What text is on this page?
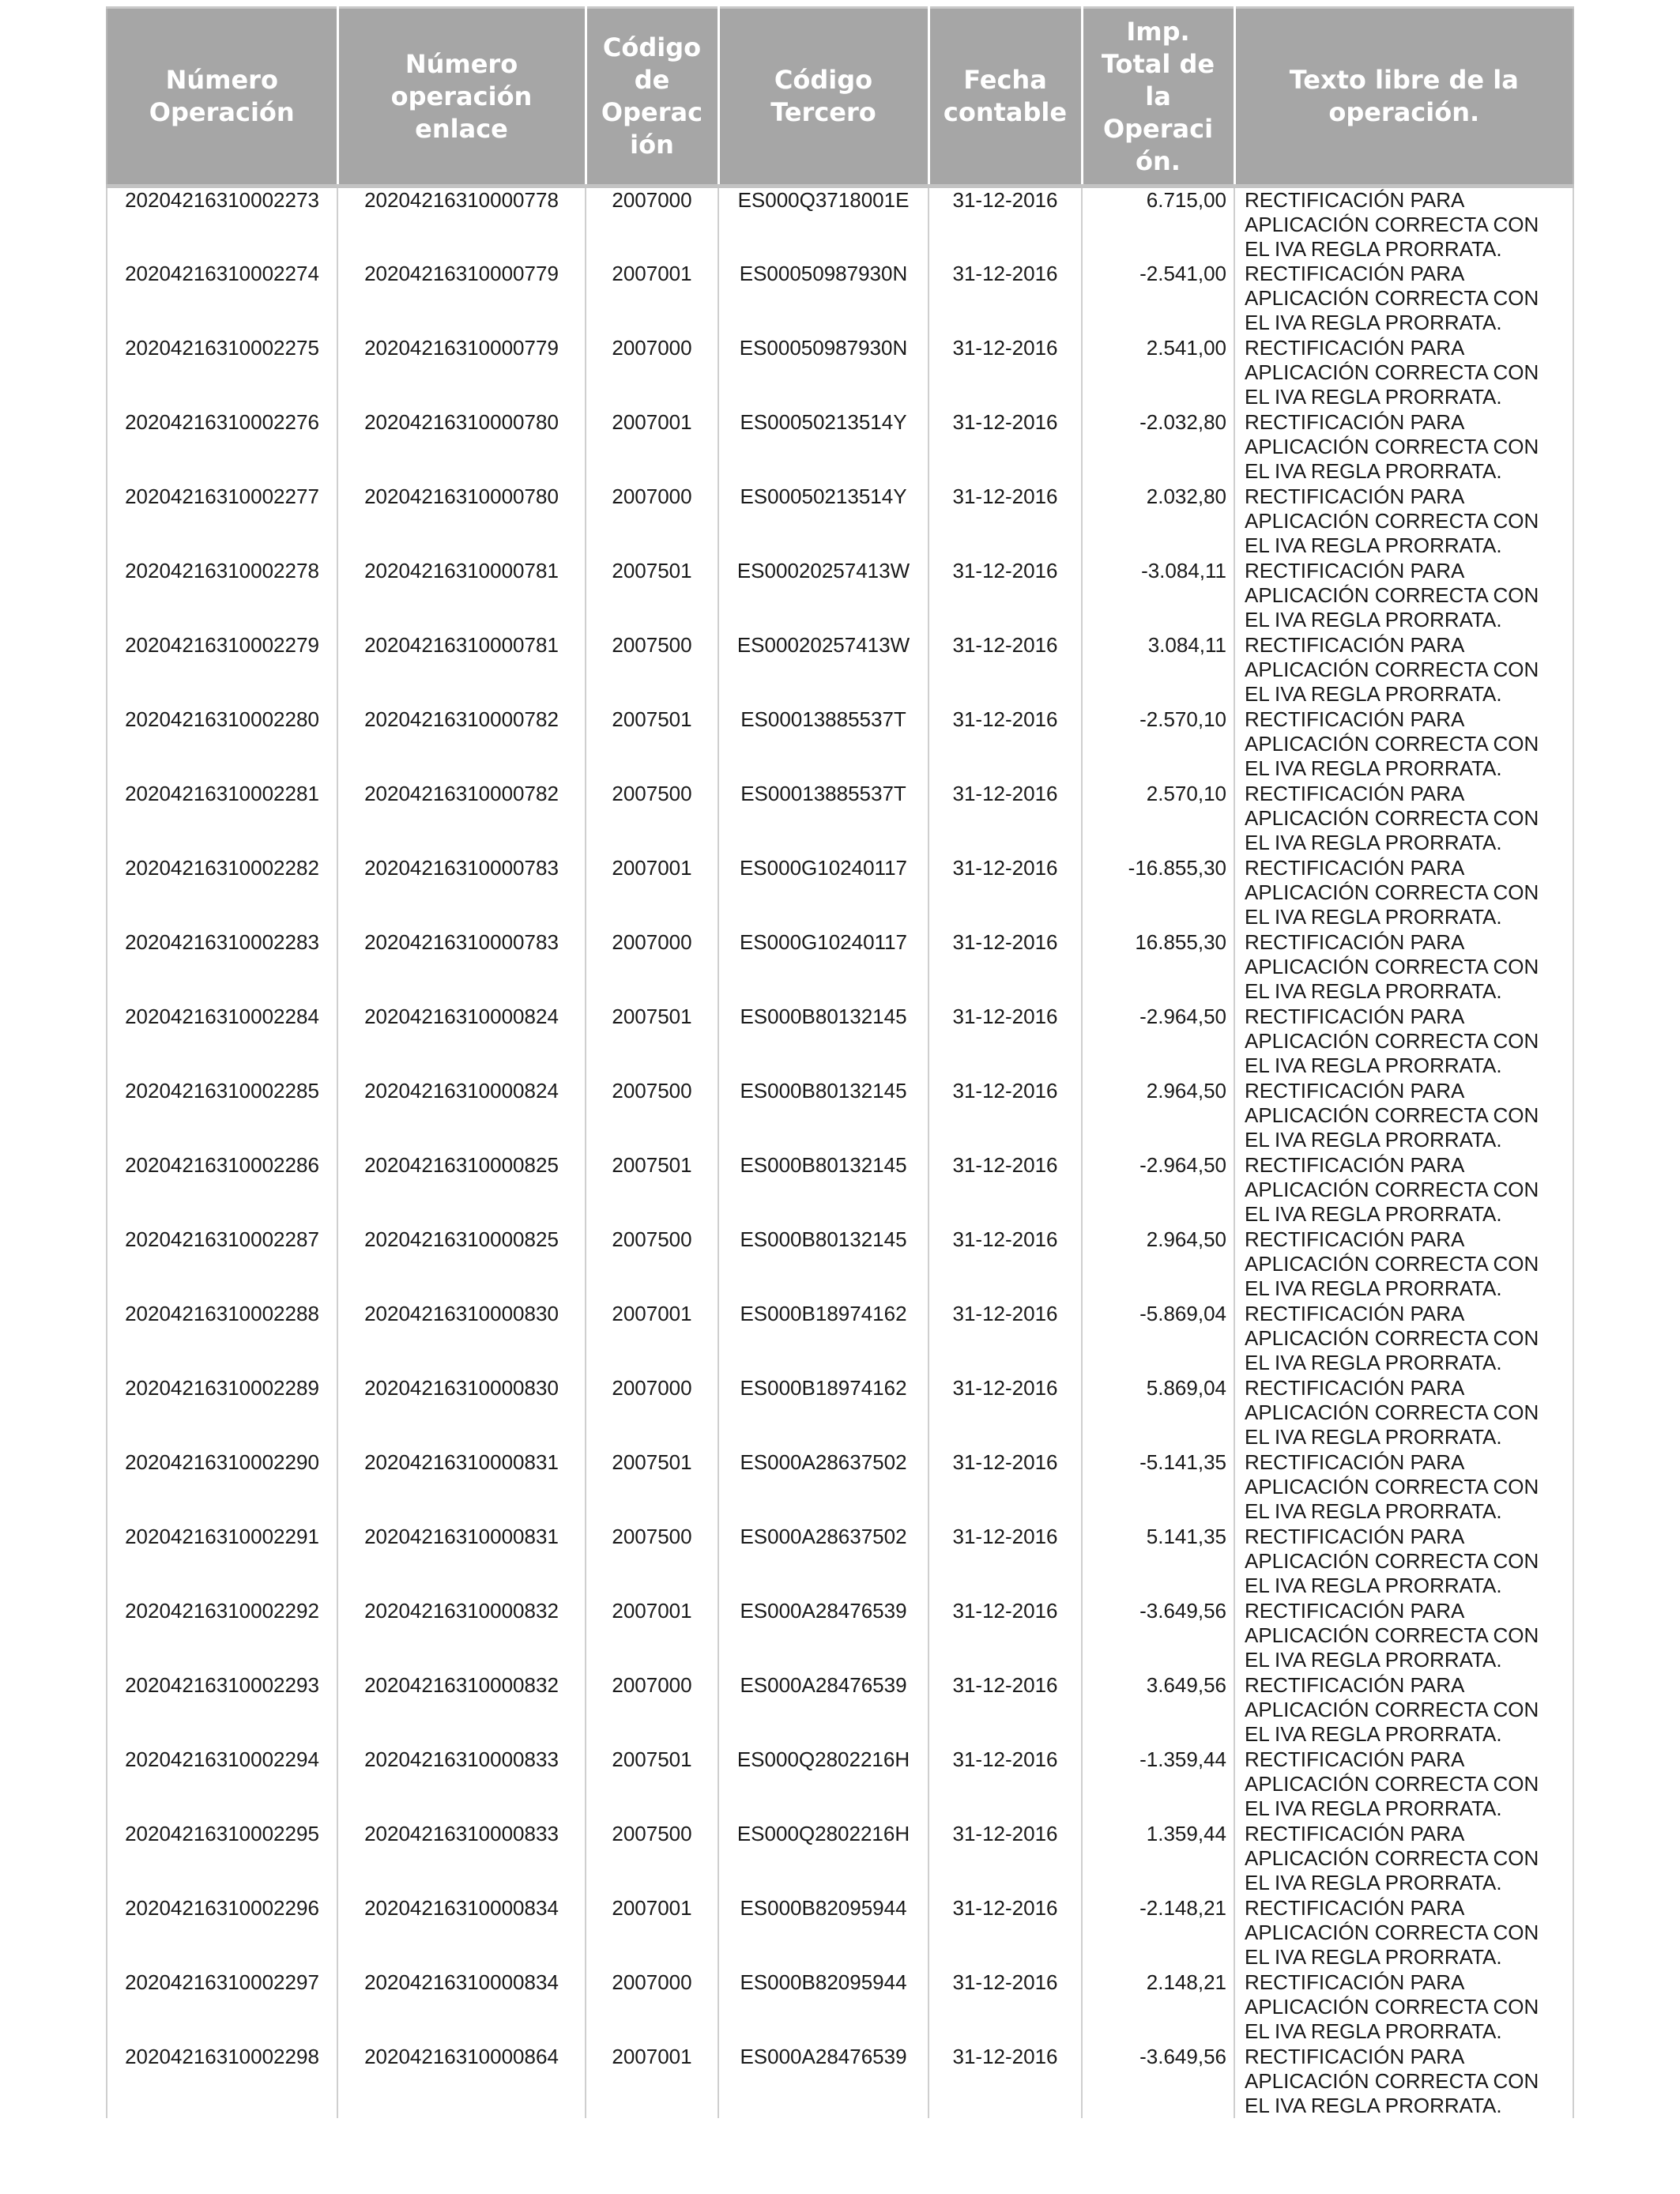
Número Operación	Número operación enlace	Código de Operac ión	Código Tercero	Fecha contable	Imp. Total de la Operaci ón.	Texto libre de la operación.
20204216310002273	20204216310000778	2007000	ES000Q3718001E	31-12-2016	6.715,00	RECTIFICACIÓN PARA APLICACIÓN CORRECTA CON EL IVA REGLA PRORRATA.
20204216310002274	20204216310000779	2007001	ES00050987930N	31-12-2016	-2.541,00	RECTIFICACIÓN PARA APLICACIÓN CORRECTA CON EL IVA REGLA PRORRATA.
20204216310002275	20204216310000779	2007000	ES00050987930N	31-12-2016	2.541,00	RECTIFICACIÓN PARA APLICACIÓN CORRECTA CON EL IVA REGLA PRORRATA.
20204216310002276	20204216310000780	2007001	ES00050213514Y	31-12-2016	-2.032,80	RECTIFICACIÓN PARA APLICACIÓN CORRECTA CON EL IVA REGLA PRORRATA.
20204216310002277	20204216310000780	2007000	ES00050213514Y	31-12-2016	2.032,80	RECTIFICACIÓN PARA APLICACIÓN CORRECTA CON EL IVA REGLA PRORRATA.
20204216310002278	20204216310000781	2007501	ES00020257413W	31-12-2016	-3.084,11	RECTIFICACIÓN PARA APLICACIÓN CORRECTA CON EL IVA REGLA PRORRATA.
20204216310002279	20204216310000781	2007500	ES00020257413W	31-12-2016	3.084,11	RECTIFICACIÓN PARA APLICACIÓN CORRECTA CON EL IVA REGLA PRORRATA.
20204216310002280	20204216310000782	2007501	ES00013885537T	31-12-2016	-2.570,10	RECTIFICACIÓN PARA APLICACIÓN CORRECTA CON EL IVA REGLA PRORRATA.
20204216310002281	20204216310000782	2007500	ES00013885537T	31-12-2016	2.570,10	RECTIFICACIÓN PARA APLICACIÓN CORRECTA CON EL IVA REGLA PRORRATA.
20204216310002282	20204216310000783	2007001	ES000G10240117	31-12-2016	-16.855,30	RECTIFICACIÓN PARA APLICACIÓN CORRECTA CON EL IVA REGLA PRORRATA.
20204216310002283	20204216310000783	2007000	ES000G10240117	31-12-2016	16.855,30	RECTIFICACIÓN PARA APLICACIÓN CORRECTA CON EL IVA REGLA PRORRATA.
20204216310002284	20204216310000824	2007501	ES000B80132145	31-12-2016	-2.964,50	RECTIFICACIÓN PARA APLICACIÓN CORRECTA CON EL IVA REGLA PRORRATA.
20204216310002285	20204216310000824	2007500	ES000B80132145	31-12-2016	2.964,50	RECTIFICACIÓN PARA APLICACIÓN CORRECTA CON EL IVA REGLA PRORRATA.
20204216310002286	20204216310000825	2007501	ES000B80132145	31-12-2016	-2.964,50	RECTIFICACIÓN PARA APLICACIÓN CORRECTA CON EL IVA REGLA PRORRATA.
20204216310002287	20204216310000825	2007500	ES000B80132145	31-12-2016	2.964,50	RECTIFICACIÓN PARA APLICACIÓN CORRECTA CON EL IVA REGLA PRORRATA.
20204216310002288	20204216310000830	2007001	ES000B18974162	31-12-2016	-5.869,04	RECTIFICACIÓN PARA APLICACIÓN CORRECTA CON EL IVA REGLA PRORRATA.
20204216310002289	20204216310000830	2007000	ES000B18974162	31-12-2016	5.869,04	RECTIFICACIÓN PARA APLICACIÓN CORRECTA CON EL IVA REGLA PRORRATA.
20204216310002290	20204216310000831	2007501	ES000A28637502	31-12-2016	-5.141,35	RECTIFICACIÓN PARA APLICACIÓN CORRECTA CON EL IVA REGLA PRORRATA.
20204216310002291	20204216310000831	2007500	ES000A28637502	31-12-2016	5.141,35	RECTIFICACIÓN PARA APLICACIÓN CORRECTA CON EL IVA REGLA PRORRATA.
20204216310002292	20204216310000832	2007001	ES000A28476539	31-12-2016	-3.649,56	RECTIFICACIÓN PARA APLICACIÓN CORRECTA CON EL IVA REGLA PRORRATA.
20204216310002293	20204216310000832	2007000	ES000A28476539	31-12-2016	3.649,56	RECTIFICACIÓN PARA APLICACIÓN CORRECTA CON EL IVA REGLA PRORRATA.
20204216310002294	20204216310000833	2007501	ES000Q2802216H	31-12-2016	-1.359,44	RECTIFICACIÓN PARA APLICACIÓN CORRECTA CON EL IVA REGLA PRORRATA.
20204216310002295	20204216310000833	2007500	ES000Q2802216H	31-12-2016	1.359,44	RECTIFICACIÓN PARA APLICACIÓN CORRECTA CON EL IVA REGLA PRORRATA.
20204216310002296	20204216310000834	2007001	ES000B82095944	31-12-2016	-2.148,21	RECTIFICACIÓN PARA APLICACIÓN CORRECTA CON EL IVA REGLA PRORRATA.
20204216310002297	20204216310000834	2007000	ES000B82095944	31-12-2016	2.148,21	RECTIFICACIÓN PARA APLICACIÓN CORRECTA CON EL IVA REGLA PRORRATA.
20204216310002298	20204216310000864	2007001	ES000A28476539	31-12-2016	-3.649,56	RECTIFICACIÓN PARA APLICACIÓN CORRECTA CON EL IVA REGLA PRORRATA.
